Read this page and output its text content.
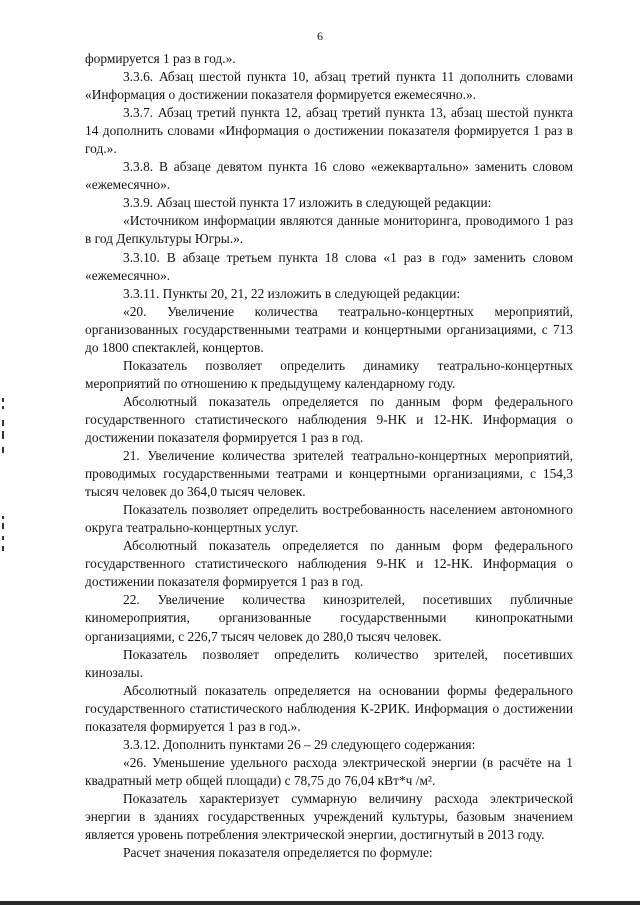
6

формируется 1 раз в год.».

3.3.6. Абзац шестой пункта 10, абзац третий пункта 11 дополнить словами «Информация о достижении показателя формируется ежемесячно.».

3.3.7. Абзац третий пункта 12, абзац третий пункта 13, абзац шестой пункта 14 дополнить словами «Информация о достижении показателя формируется 1 раз в год.».

3.3.8. В абзаце девятом пункта 16 слово «ежеквартально» заменить словом «ежемесячно».

3.3.9. Абзац шестой пункта 17 изложить в следующей редакции:

«Источником информации являются данные мониторинга, проводимого 1 раз в год Депкультуры Югры.».

3.3.10. В абзаце третьем пункта 18 слова «1 раз в год» заменить словом «ежемесячно».

3.3.11. Пункты 20, 21, 22 изложить в следующей редакции:

«20. Увеличение количества театрально-концертных мероприятий, организованных государственными театрами и концертными организациями, с 713 до 1800 спектаклей, концертов.

Показатель позволяет определить динамику театрально-концертных мероприятий по отношению к предыдущему календарному году.

Абсолютный показатель определяется по данным форм федерального государственного статистического наблюдения 9-НК и 12-НК. Информация о достижении показателя формируется 1 раз в год.

21. Увеличение количества зрителей театрально-концертных мероприятий, проводимых государственными театрами и концертными организациями, с 154,3 тысяч человек до 364,0 тысяч человек.

Показатель позволяет определить востребованность населением автономного округа театрально-концертных услуг.

Абсолютный показатель определяется по данным форм федерального государственного статистического наблюдения 9-НК и 12-НК. Информация о достижении показателя формируется 1 раз в год.

22. Увеличение количества кинозрителей, посетивших публичные киномероприятия, организованные государственными кинопрокатными организациями, с 226,7 тысяч человек до 280,0 тысяч человек.

Показатель позволяет определить количество зрителей, посетивших кинозалы.

Абсолютный показатель определяется на основании формы федерального государственного статистического наблюдения К-2РИК. Информация о достижении показателя формируется 1 раз в год.».

3.3.12. Дополнить пунктами 26 – 29 следующего содержания:

«26. Уменьшение удельного расхода электрической энергии (в расчёте на 1 квадратный метр общей площади) с 78,75 до 76,04 кВт*ч /м².

Показатель характеризует суммарную величину расхода электрической энергии в зданиях государственных учреждений культуры, базовым значением является уровень потребления электрической энергии, достигнутый в 2013 году.

Расчет значения показателя определяется по формуле:
